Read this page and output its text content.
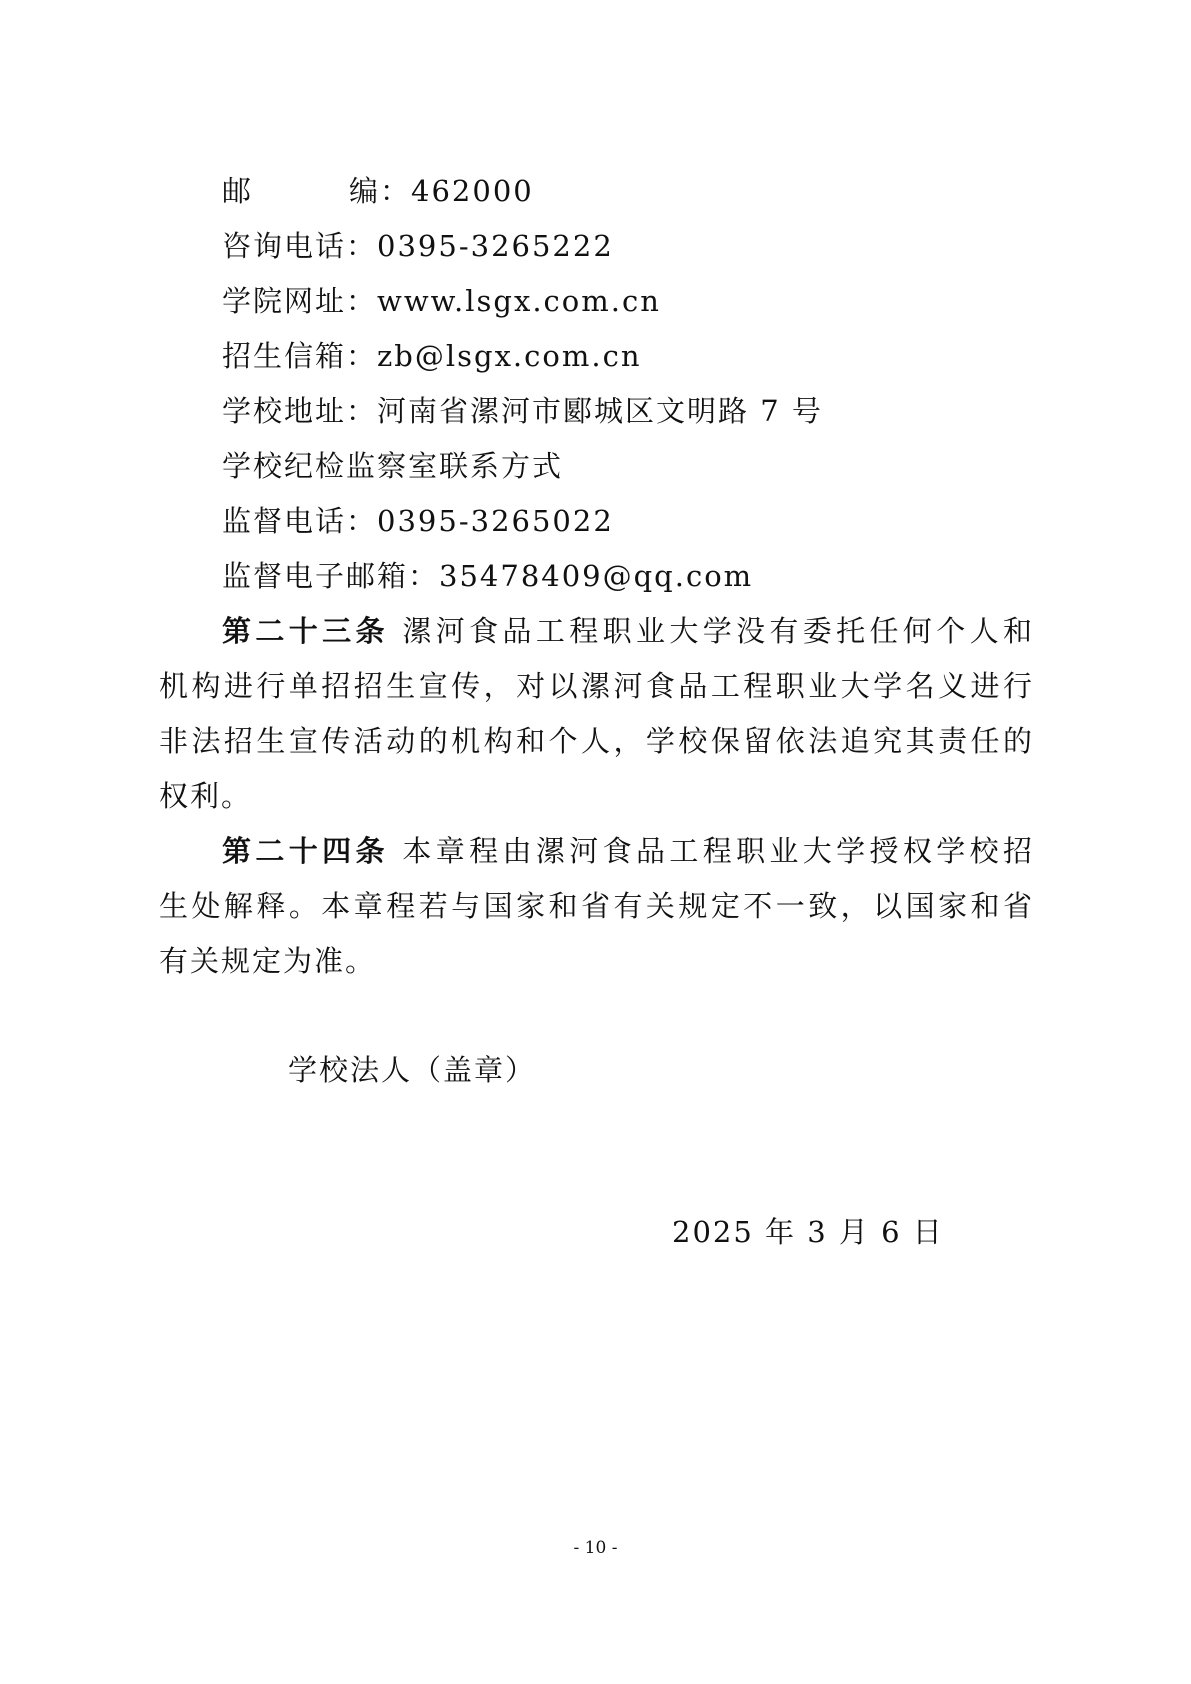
邮	编：462000
咨询电话：0395-3265222
学院网址：www.lsgx.com.cn
招生信箱：zb@lsgx.com.cn
学校地址：河南省漯河市郾城区文明路 7 号
学校纪检监察室联系方式
监督电话：0395-3265022
监督电子邮箱：35478409@qq.com
第二十三条 漯河食品工程职业大学没有委托任何个人和
机构进行单招招生宣传，对以漯河食品工程职业大学名义进行
非法招生宣传活动的机构和个人，学校保留依法追究其责任的
权利。
第二十四条 本章程由漯河食品工程职业大学授权学校招
生处解释。本章程若与国家和省有关规定不一致，以国家和省
有关规定为准。
学校法人（盖章）
2025 年 3 月 6 日
- 10 -
